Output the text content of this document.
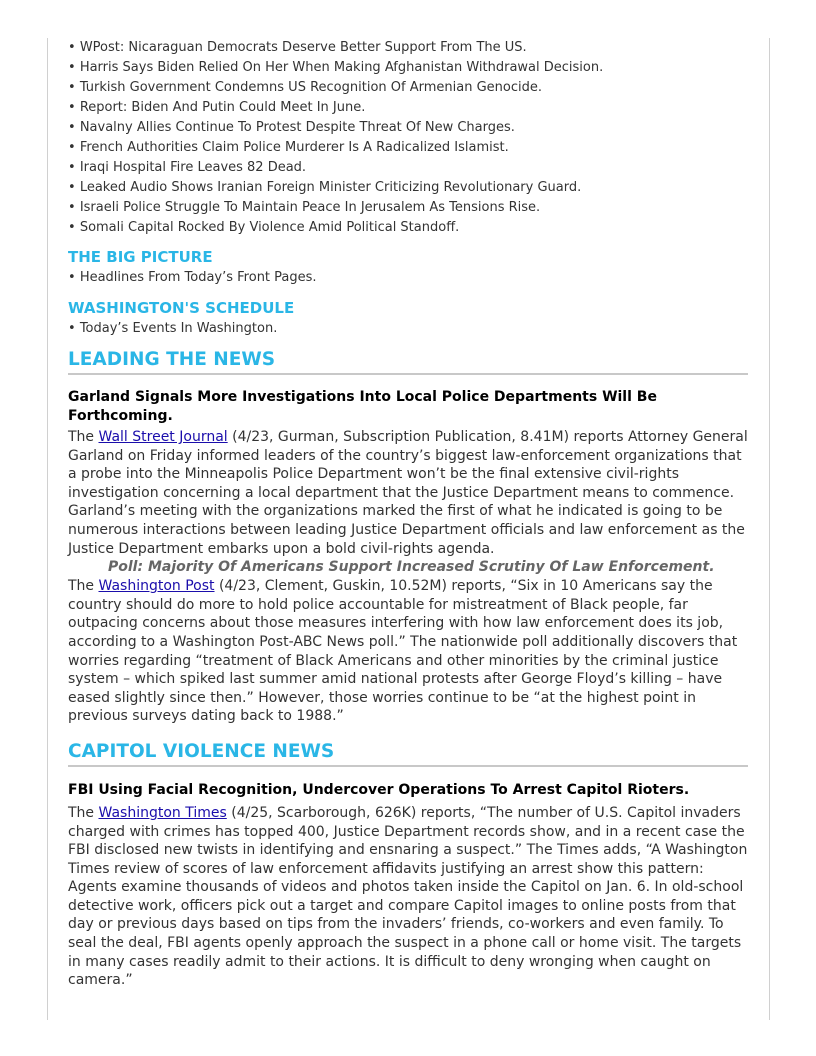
• WPost: Nicaraguan Democrats Deserve Better Support From The US.
• Harris Says Biden Relied On Her When Making Afghanistan Withdrawal Decision.
• Turkish Government Condemns US Recognition Of Armenian Genocide.
• Report: Biden And Putin Could Meet In June.
• Navalny Allies Continue To Protest Despite Threat Of New Charges.
• French Authorities Claim Police Murderer Is A Radicalized Islamist.
• Iraqi Hospital Fire Leaves 82 Dead.
• Leaked Audio Shows Iranian Foreign Minister Criticizing Revolutionary Guard.
• Israeli Police Struggle To Maintain Peace In Jerusalem As Tensions Rise.
• Somali Capital Rocked By Violence Amid Political Standoff.
THE BIG PICTURE
• Headlines From Today’s Front Pages.
WASHINGTON'S SCHEDULE
• Today’s Events In Washington.
LEADING THE NEWS
Garland Signals More Investigations Into Local Police Departments Will Be Forthcoming.

The Wall Street Journal (4/23, Gurman, Subscription Publication, 8.41M) reports Attorney General Garland on Friday informed leaders of the country’s biggest law-enforcement organizations that a probe into the Minneapolis Police Department won’t be the final extensive civil-rights investigation concerning a local department that the Justice Department means to commence. Garland’s meeting with the organizations marked the first of what he indicated is going to be numerous interactions between leading Justice Department officials and law enforcement as the Justice Department embarks upon a bold civil-rights agenda.

Poll: Majority Of Americans Support Increased Scrutiny Of Law Enforcement.

The Washington Post (4/23, Clement, Guskin, 10.52M) reports, “Six in 10 Americans say the country should do more to hold police accountable for mistreatment of Black people, far outpacing concerns about those measures interfering with how law enforcement does its job, according to a Washington Post-ABC News poll.” The nationwide poll additionally discovers that worries regarding “treatment of Black Americans and other minorities by the criminal justice system – which spiked last summer amid national protests after George Floyd’s killing – have eased slightly since then.” However, those worries continue to be “at the highest point in previous surveys dating back to 1988.”

CAPITOL VIOLENCE NEWS
FBI Using Facial Recognition, Undercover Operations To Arrest Capitol Rioters.

The Washington Times (4/25, Scarborough, 626K) reports, “The number of U.S. Capitol invaders charged with crimes has topped 400, Justice Department records show, and in a recent case the FBI disclosed new twists in identifying and ensnaring a suspect.” The Times adds, “A Washington Times review of scores of law enforcement affidavits justifying an arrest show this pattern: Agents examine thousands of videos and photos taken inside the Capitol on Jan. 6. In old-school detective work, officers pick out a target and compare Capitol images to online posts from that day or previous days based on tips from the invaders’ friends, co-workers and even family. To seal the deal, FBI agents openly approach the suspect in a phone call or home visit. The targets in many cases readily admit to their actions. It is difficult to deny wronging when caught on camera.”
